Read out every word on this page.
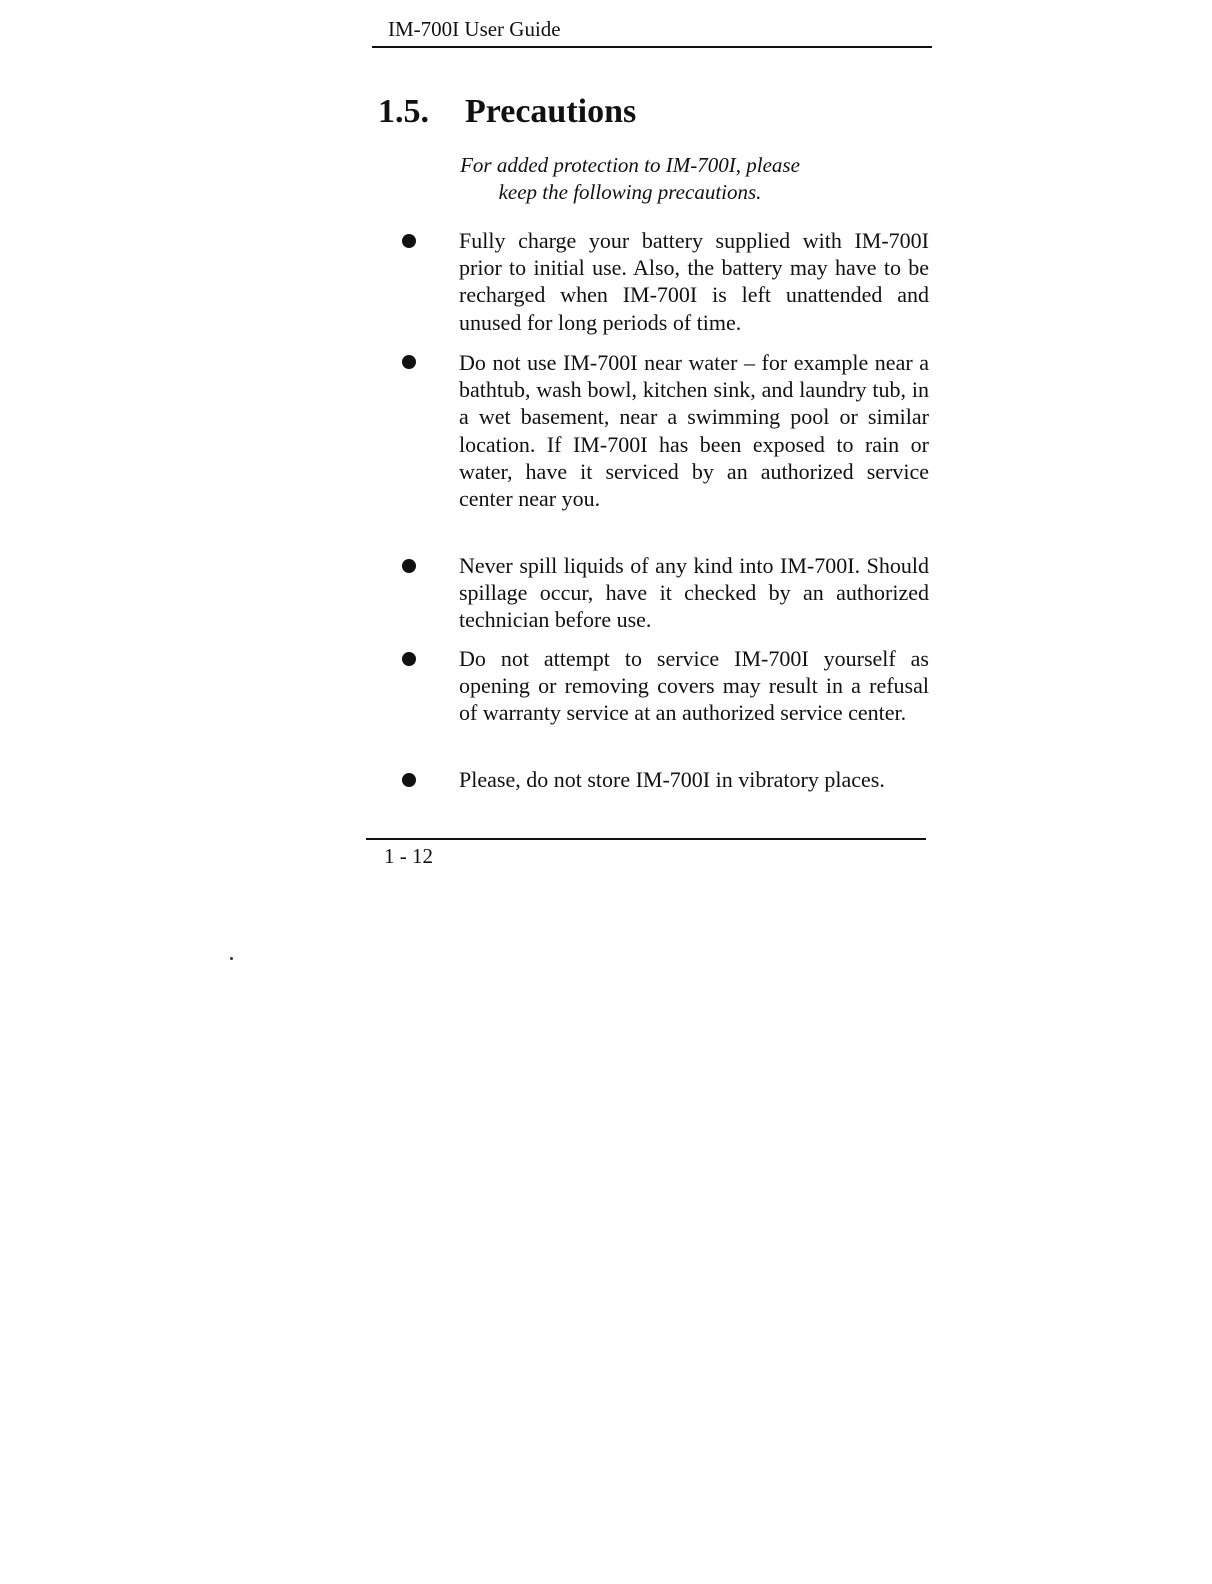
IM-700I User Guide
1.5. Precautions
For added protection to IM-700I, please
keep the following precautions.
Fully charge your battery supplied with IM-700I prior to initial use. Also, the battery may have to be recharged when IM-700I is left unattended and unused for long periods of time.
Do not use IM-700I near water – for example near a bathtub, wash bowl, kitchen sink, and laundry tub, in a wet basement, near a swimming pool or similar location. If IM-700I has been exposed to rain or water, have it serviced by an authorized service center near you.
Never spill liquids of any kind into IM-700I. Should spillage occur, have it checked by an authorized technician before use.
Do not attempt to service IM-700I yourself as opening or removing covers may result in a refusal of warranty service at an authorized service center.
Please, do not store IM-700I in vibratory places.
1 - 12
